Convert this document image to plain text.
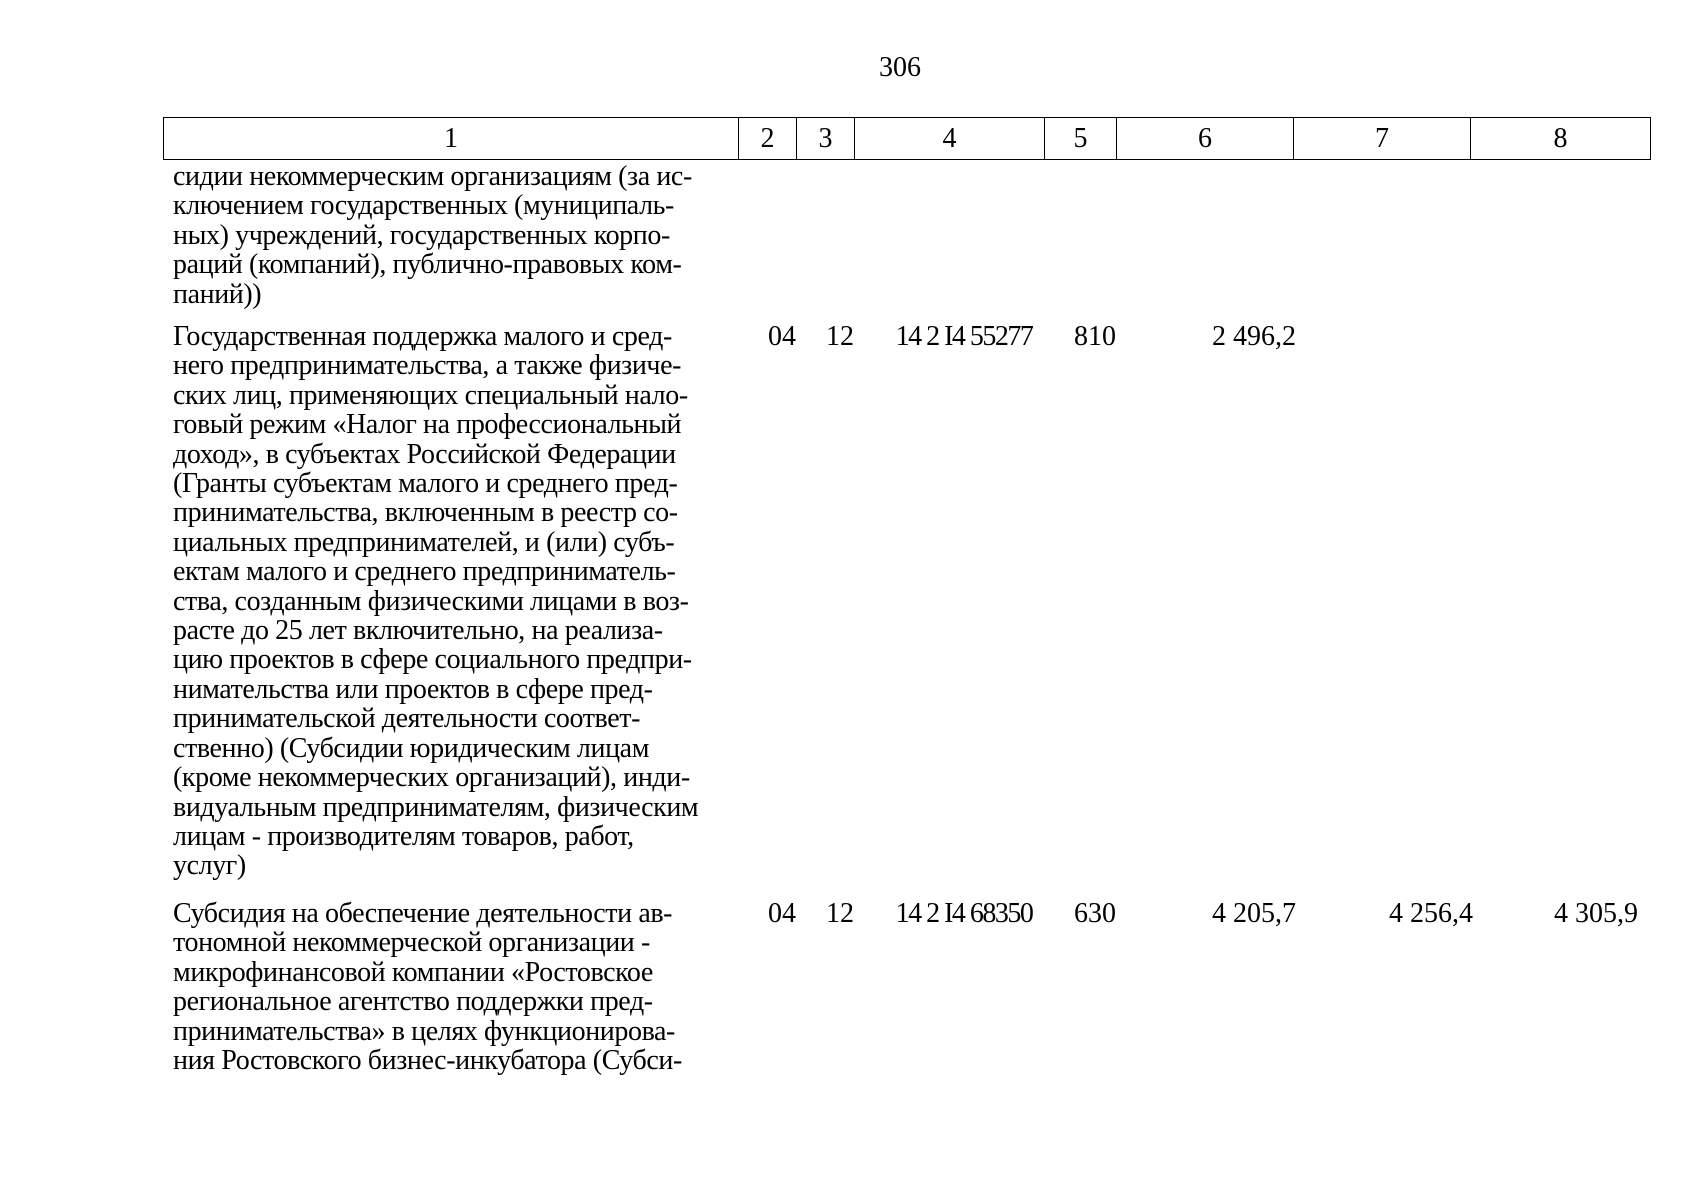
306
1	2	3	4	5	6	7	8
сидии некоммерческим организациям (за ис-
ключением государственных (муниципаль-
ных) учреждений, государственных корпо-
раций (компаний), публично-правовых ком-
паний))
Государственная поддержка малого и сред-
него предпринимательства, а также физиче-
ских лиц, применяющих специальный нало-
говый режим «Налог на профессиональный
доход», в субъектах Российской Федерации
(Гранты субъектам малого и среднего пред-
принимательства, включенным в реестр со-
циальных предпринимателей, и (или) субъ-
ектам малого и среднего предприниматель-
ства, созданным физическими лицами в воз-
расте до 25 лет включительно, на реализа-
цию проектов в сфере социального предпри-
нимательства или проектов в сфере пред-
принимательской деятельности соответ-
ственно) (Субсидии юридическим лицам
(кроме некоммерческих организаций), инди-
видуальным предпринимателям, физическим
лицам - производителям товаров, работ,
услуг)
04	12	14 2 I4 55277	810	2 496,2
Субсидия на обеспечение деятельности ав-
тономной некоммерческой организации -
микрофинансовой компании «Ростовское
региональное агентство поддержки пред-
принимательства» в целях функционирова-
ния Ростовского бизнес-инкубатора (Субси-
04	12	14 2 I4 68350	630	4 205,7	4 256,4	4 305,9
